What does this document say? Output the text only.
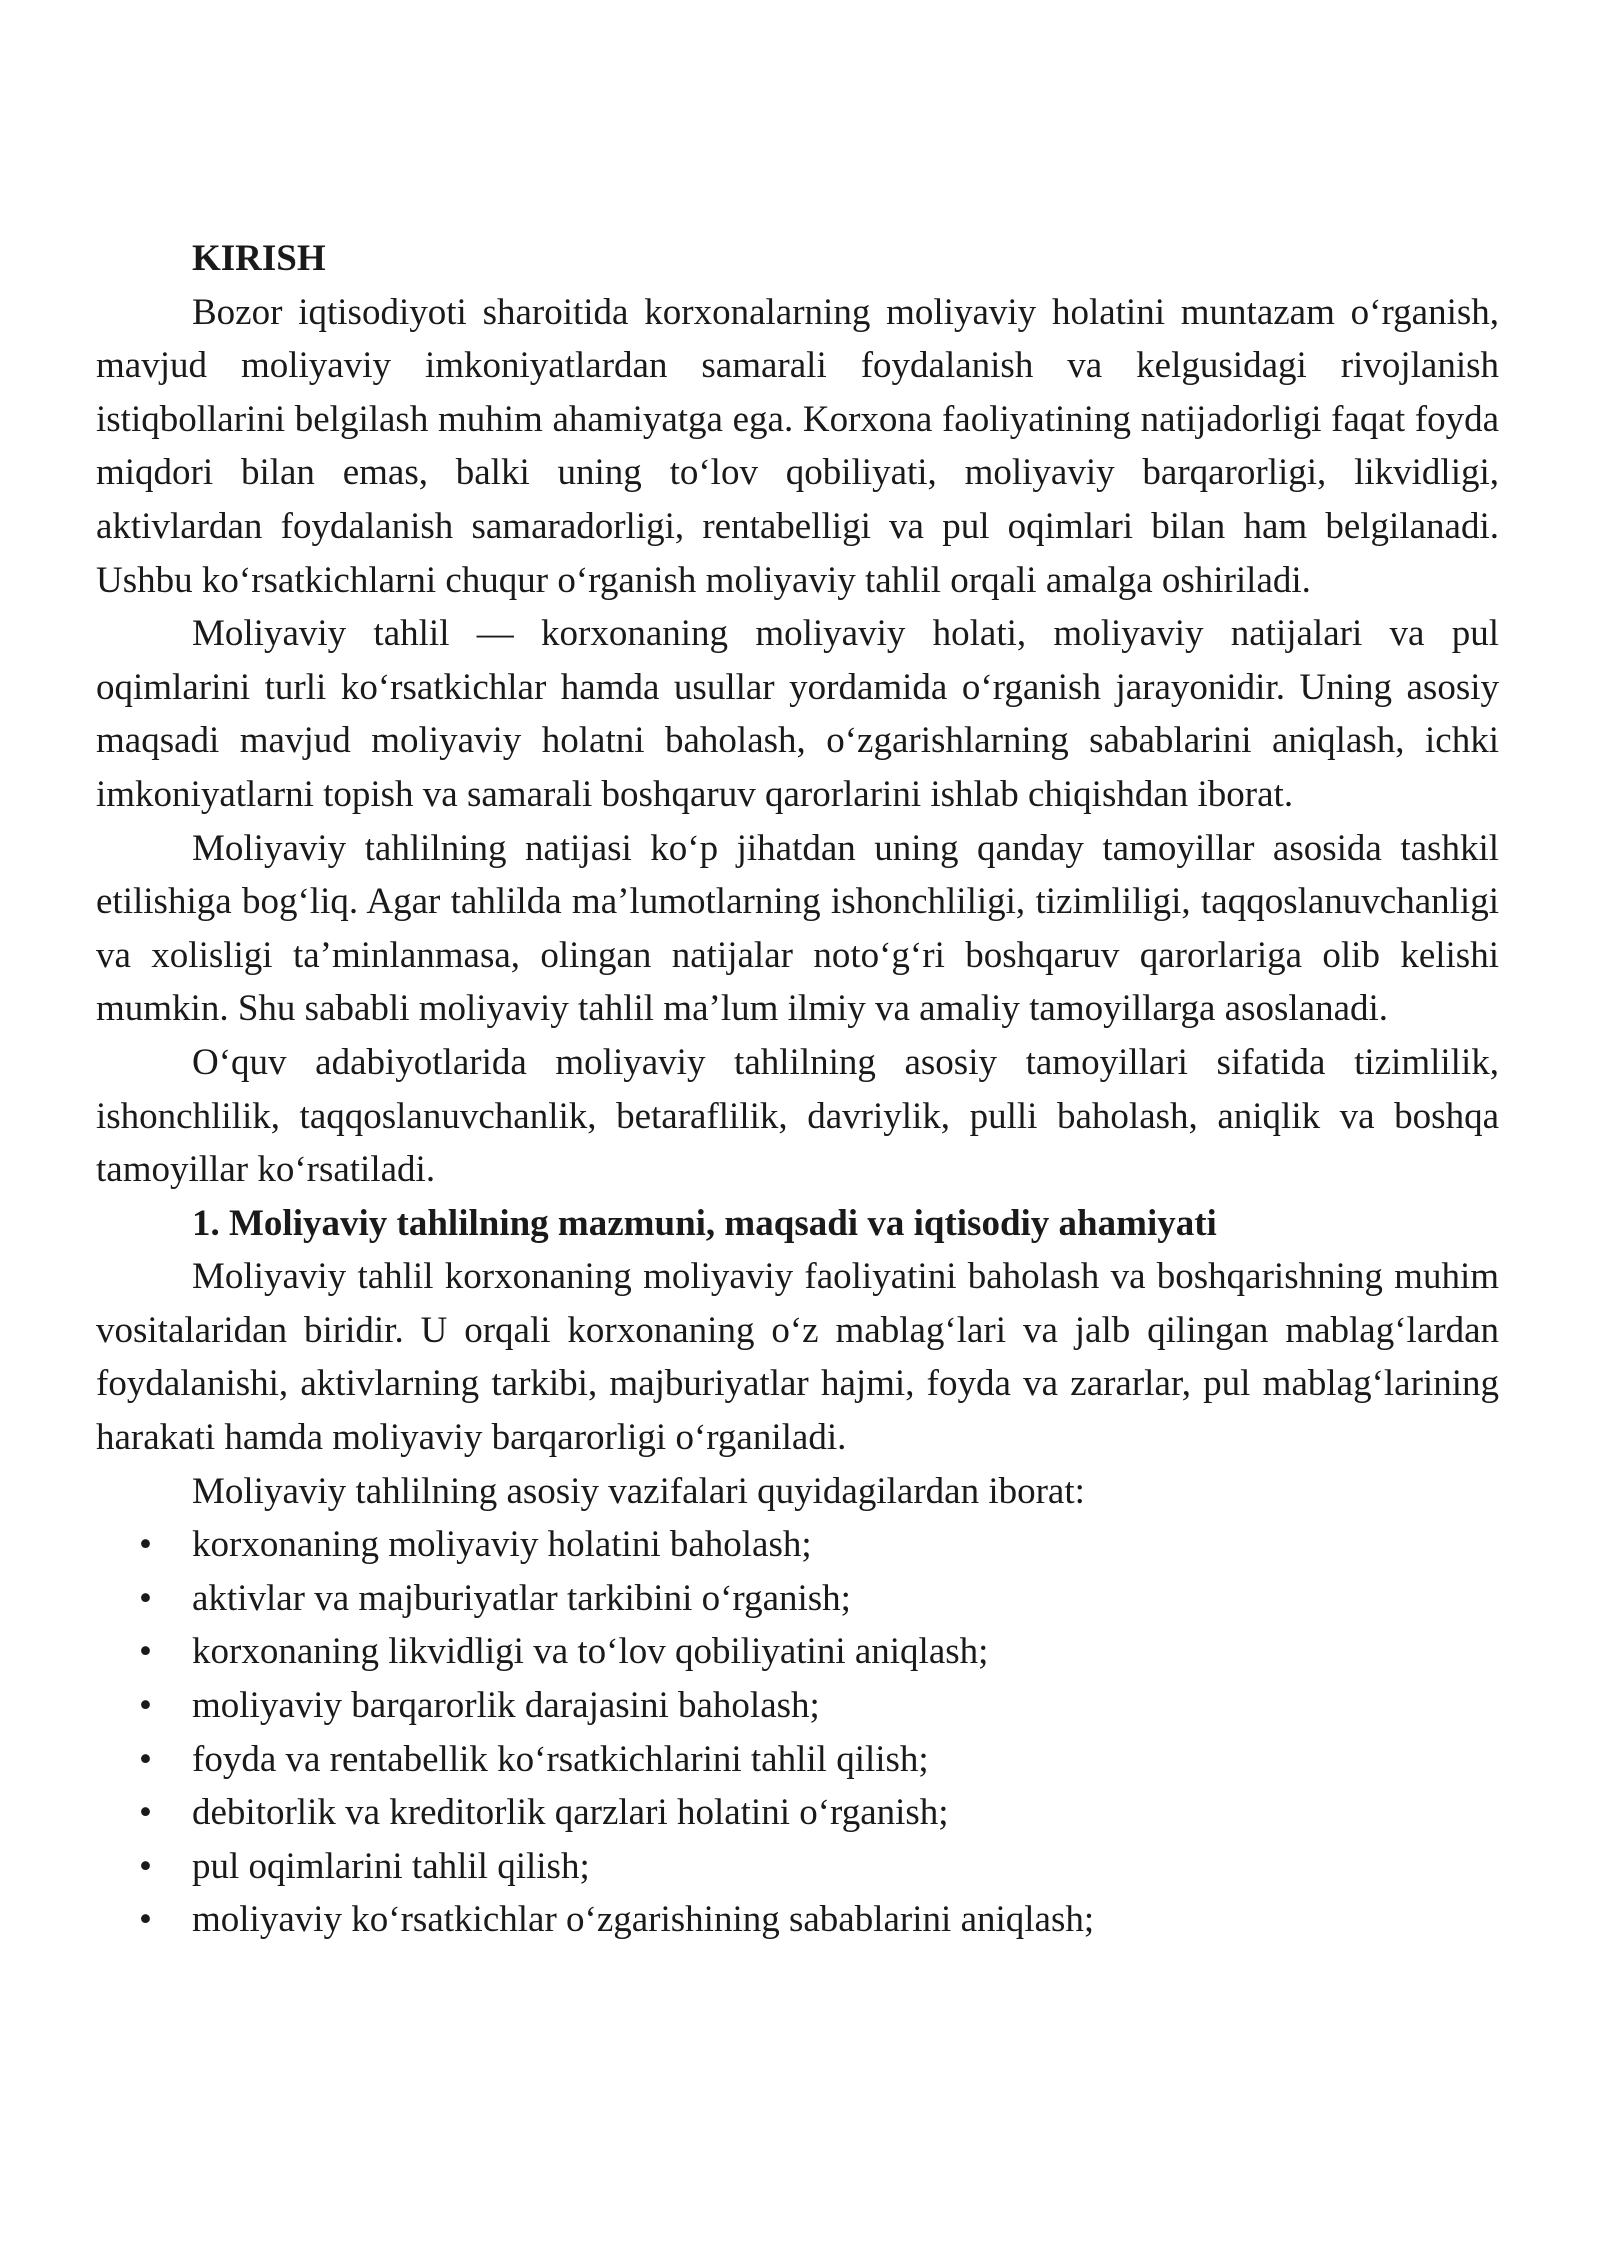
KIRISH

Bozor iqtisodiyoti sharoitida korxonalarning moliyaviy holatini muntazam o‘rganish, mavjud moliyaviy imkoniyatlardan samarali foydalanish va kelgusidagi rivojlanish istiqbollarini belgilash muhim ahamiyatga ega. Korxona faoliyatining natijadorligi faqat foyda miqdori bilan emas, balki uning to‘lov qobiliyati, moliyaviy barqarorligi, likvidligi, aktivlardan foydalanish samaradorligi, rentabelligi va pul oqimlari bilan ham belgilanadi. Ushbu ko‘rsatkichlarni chuqur o‘rganish moliyaviy tahlil orqali amalga oshiriladi.

Moliyaviy tahlil — korxonaning moliyaviy holati, moliyaviy natijalari va pul oqimlarini turli ko‘rsatkichlar hamda usullar yordamida o‘rganish jarayonidir. Uning asosiy maqsadi mavjud moliyaviy holatni baholash, o‘zgarishlarning sabablarini aniqlash, ichki imkoniyatlarni topish va samarali boshqaruv qarorlarini ishlab chiqishdan iborat.

Moliyaviy tahlilning natijasi ko‘p jihatdan uning qanday tamoyillar asosida tashkil etilishiga bog‘liq. Agar tahlilda ma’lumotlarning ishonchliligi, tizimliligi, taqqoslanuvchanligi va xolisligi ta’minlanmasa, olingan natijalar noto‘g‘ri boshqaruv qarorlariga olib kelishi mumkin. Shu sababli moliyaviy tahlil ma’lum ilmiy va amaliy tamoyillarga asoslanadi.

O‘quv adabiyotlarida moliyaviy tahlilning asosiy tamoyillari sifatida tizimlilik, ishonchlilik, taqqoslanuvchanlik, betaraflilik, davriylik, pulli baholash, aniqlik va boshqa tamoyillar ko‘rsatiladi.

1. Moliyaviy tahlilning mazmuni, maqsadi va iqtisodiy ahamiyati

Moliyaviy tahlil korxonaning moliyaviy faoliyatini baholash va boshqarishning muhim vositalaridan biridir. U orqali korxonaning o‘z mablag‘lari va jalb qilingan mablag‘lardan foydalanishi, aktivlarning tarkibi, majburiyatlar hajmi, foyda va zararlar, pul mablag‘larining harakati hamda moliyaviy barqarorligi o‘rganiladi.

Moliyaviy tahlilning asosiy vazifalari quyidagilardan iborat:

• korxonaning moliyaviy holatini baholash;
• aktivlar va majburiyatlar tarkibini o‘rganish;
• korxonaning likvidligi va to‘lov qobiliyatini aniqlash;
• moliyaviy barqarorlik darajasini baholash;
• foyda va rentabellik ko‘rsatkichlarini tahlil qilish;
• debitorlik va kreditorlik qarzlari holatini o‘rganish;
• pul oqimlarini tahlil qilish;
• moliyaviy ko‘rsatkichlar o‘zgarishining sabablarini aniqlash;
